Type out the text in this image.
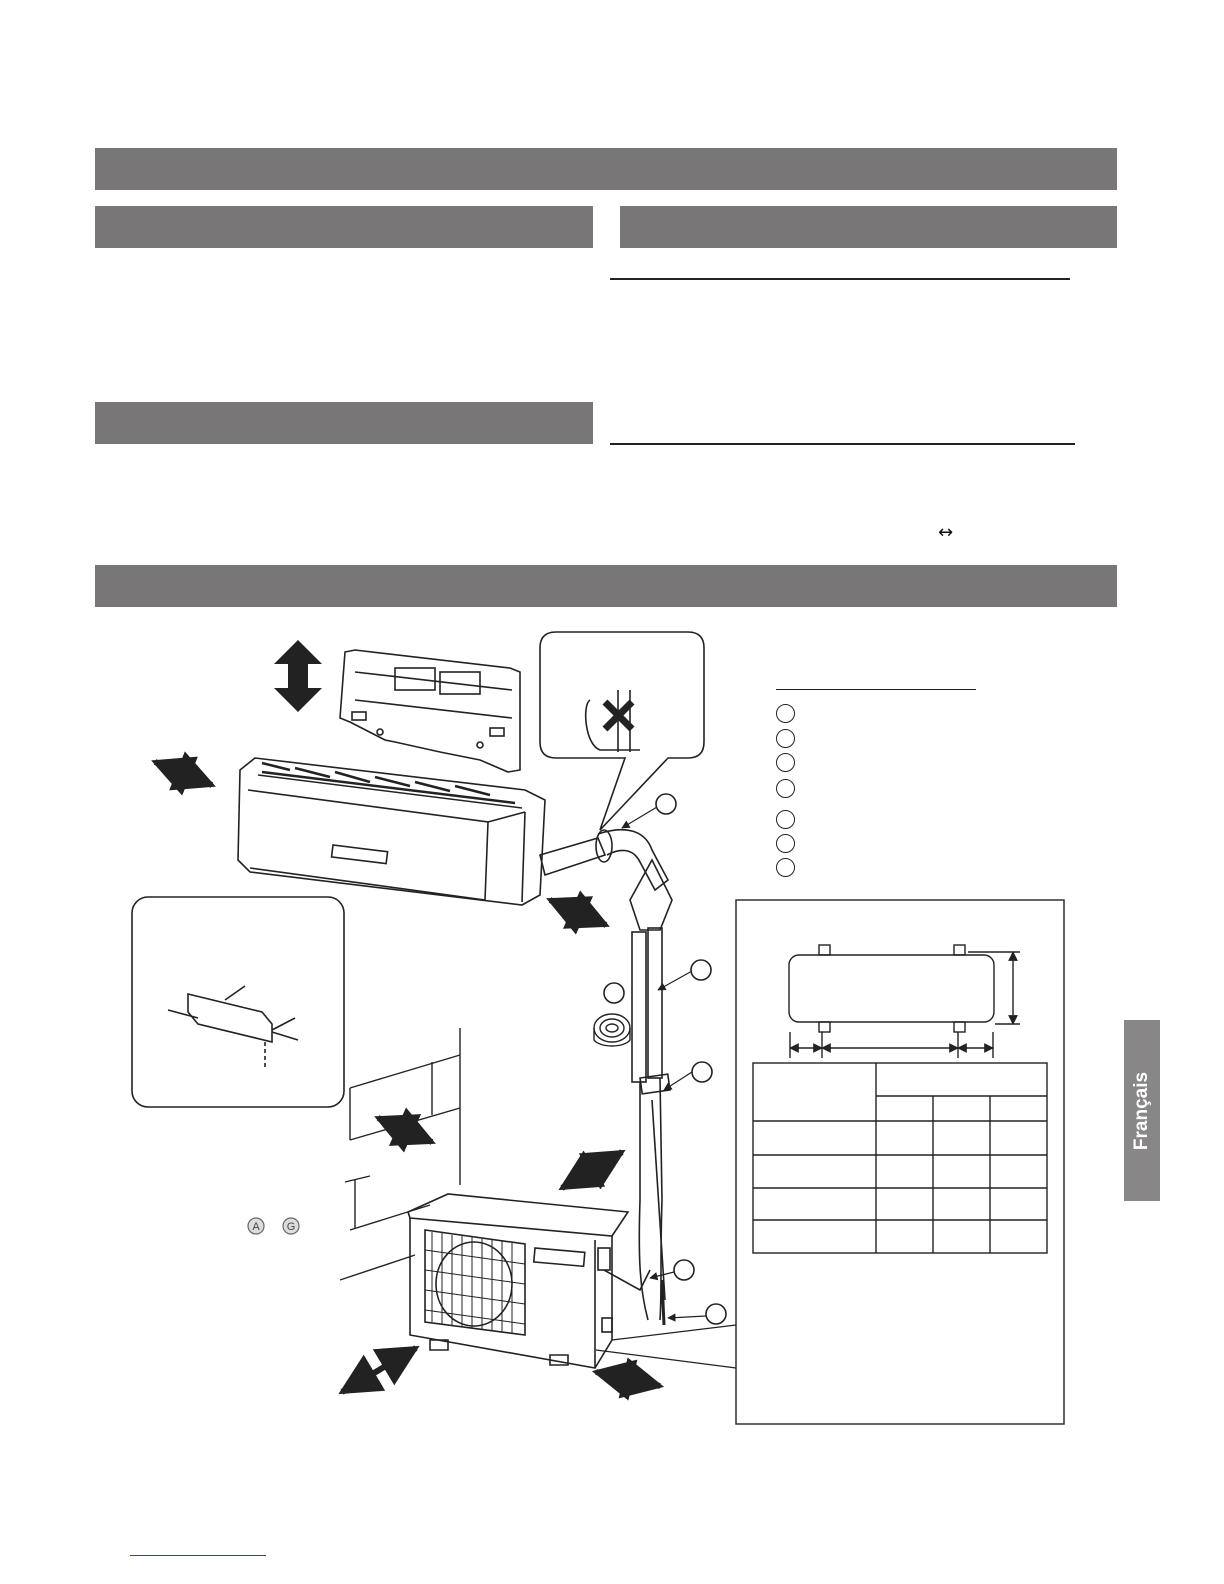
↔
A G
Français
